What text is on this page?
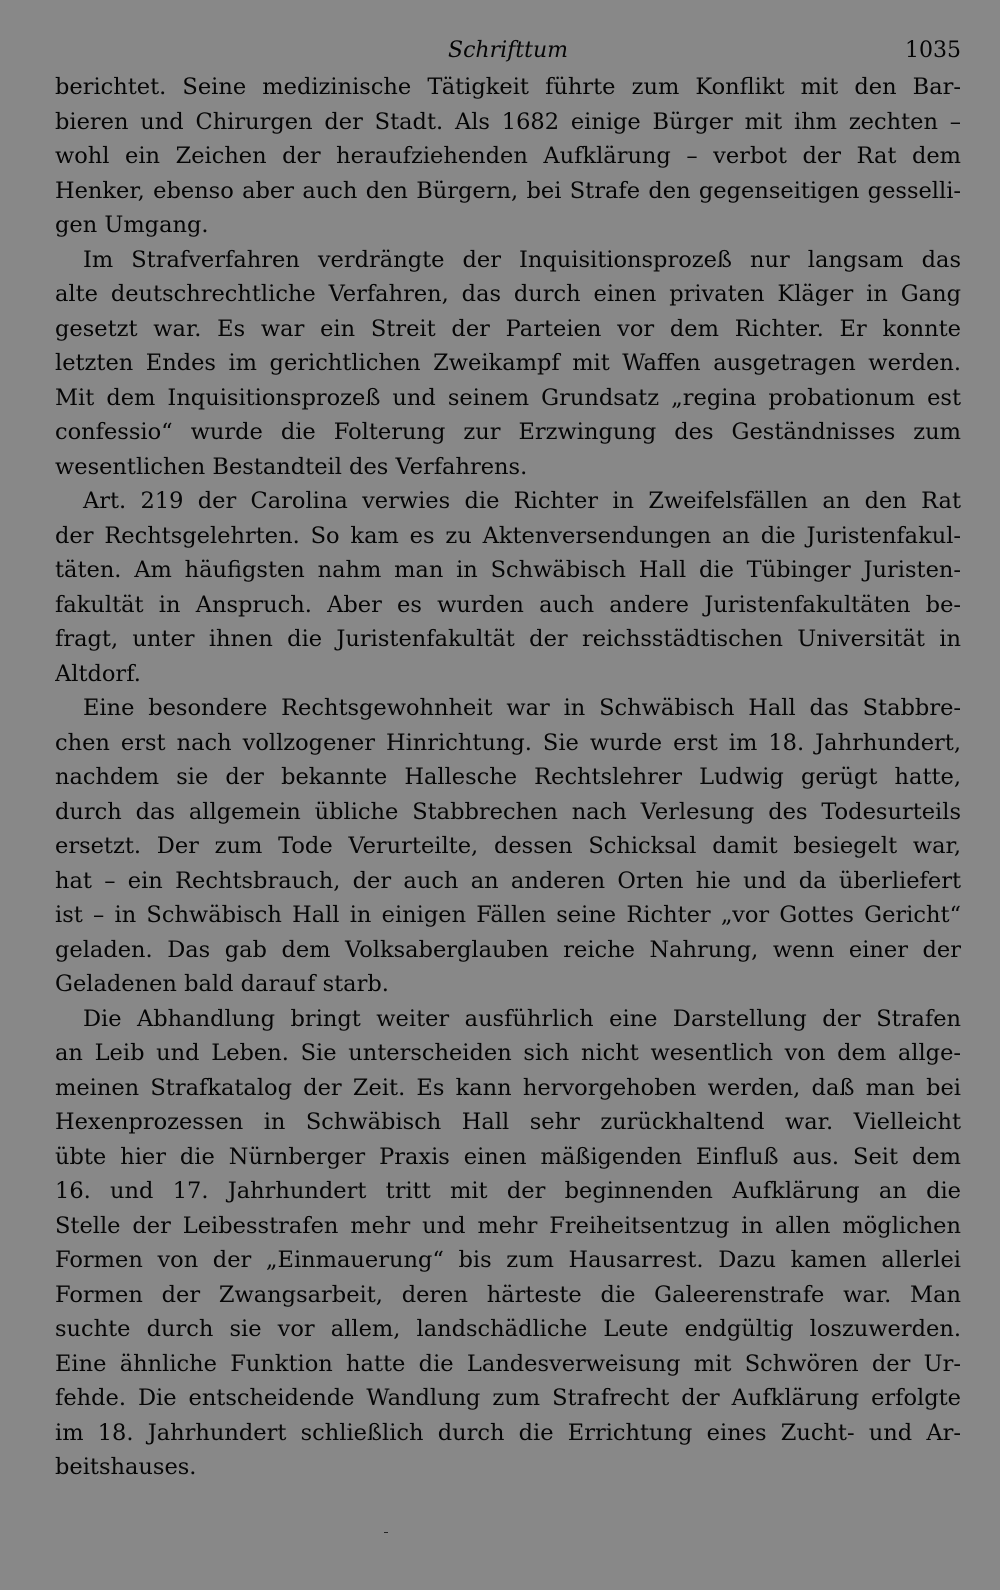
Schrifttum	1035

berichtet. Seine medizinische Tätigkeit führte zum Konflikt mit den Bar-
bieren und Chirurgen der Stadt. Als 1682 einige Bürger mit ihm zechten –
wohl ein Zeichen der heraufziehenden Aufklärung – verbot der Rat dem
Henker, ebenso aber auch den Bürgern, bei Strafe den gegenseitigen gesselli-
gen Umgang.

Im Strafverfahren verdrängte der Inquisitionsprozeß nur langsam das
alte deutschrechtliche Verfahren, das durch einen privaten Kläger in Gang
gesetzt war. Es war ein Streit der Parteien vor dem Richter. Er konnte
letzten Endes im gerichtlichen Zweikampf mit Waffen ausgetragen werden.
Mit dem Inquisitionsprozeß und seinem Grundsatz „regina probationum est
confessio“ wurde die Folterung zur Erzwingung des Geständnisses zum
wesentlichen Bestandteil des Verfahrens.

Art. 219 der Carolina verwies die Richter in Zweifelsfällen an den Rat
der Rechtsgelehrten. So kam es zu Aktenversendungen an die Juristenfakul-
täten. Am häufigsten nahm man in Schwäbisch Hall die Tübinger Juristen-
fakultät in Anspruch. Aber es wurden auch andere Juristenfakultäten be-
fragt, unter ihnen die Juristenfakultät der reichsstädtischen Universität in
Altdorf.

Eine besondere Rechtsgewohnheit war in Schwäbisch Hall das Stabbre-
chen erst nach vollzogener Hinrichtung. Sie wurde erst im 18. Jahrhundert,
nachdem sie der bekannte Hallesche Rechtslehrer Ludwig gerügt hatte,
durch das allgemein übliche Stabbrechen nach Verlesung des Todesurteils
ersetzt. Der zum Tode Verurteilte, dessen Schicksal damit besiegelt war,
hat – ein Rechtsbrauch, der auch an anderen Orten hie und da überliefert
ist – in Schwäbisch Hall in einigen Fällen seine Richter „vor Gottes Gericht“
geladen. Das gab dem Volksaberglauben reiche Nahrung, wenn einer der
Geladenen bald darauf starb.

Die Abhandlung bringt weiter ausführlich eine Darstellung der Strafen
an Leib und Leben. Sie unterscheiden sich nicht wesentlich von dem allge-
meinen Strafkatalog der Zeit. Es kann hervorgehoben werden, daß man bei
Hexenprozessen in Schwäbisch Hall sehr zurückhaltend war. Vielleicht
übte hier die Nürnberger Praxis einen mäßigenden Einfluß aus. Seit dem
16. und 17. Jahrhundert tritt mit der beginnenden Aufklärung an die
Stelle der Leibesstrafen mehr und mehr Freiheitsentzug in allen möglichen
Formen von der „Einmauerung“ bis zum Hausarrest. Dazu kamen allerlei
Formen der Zwangsarbeit, deren härteste die Galeerenstrafe war. Man
suchte durch sie vor allem, landschädliche Leute endgültig loszuwerden.
Eine ähnliche Funktion hatte die Landesverweisung mit Schwören der Ur-
fehde. Die entscheidende Wandlung zum Strafrecht der Aufklärung erfolgte
im 18. Jahrhundert schließlich durch die Errichtung eines Zucht- und Ar-
beitshauses.
